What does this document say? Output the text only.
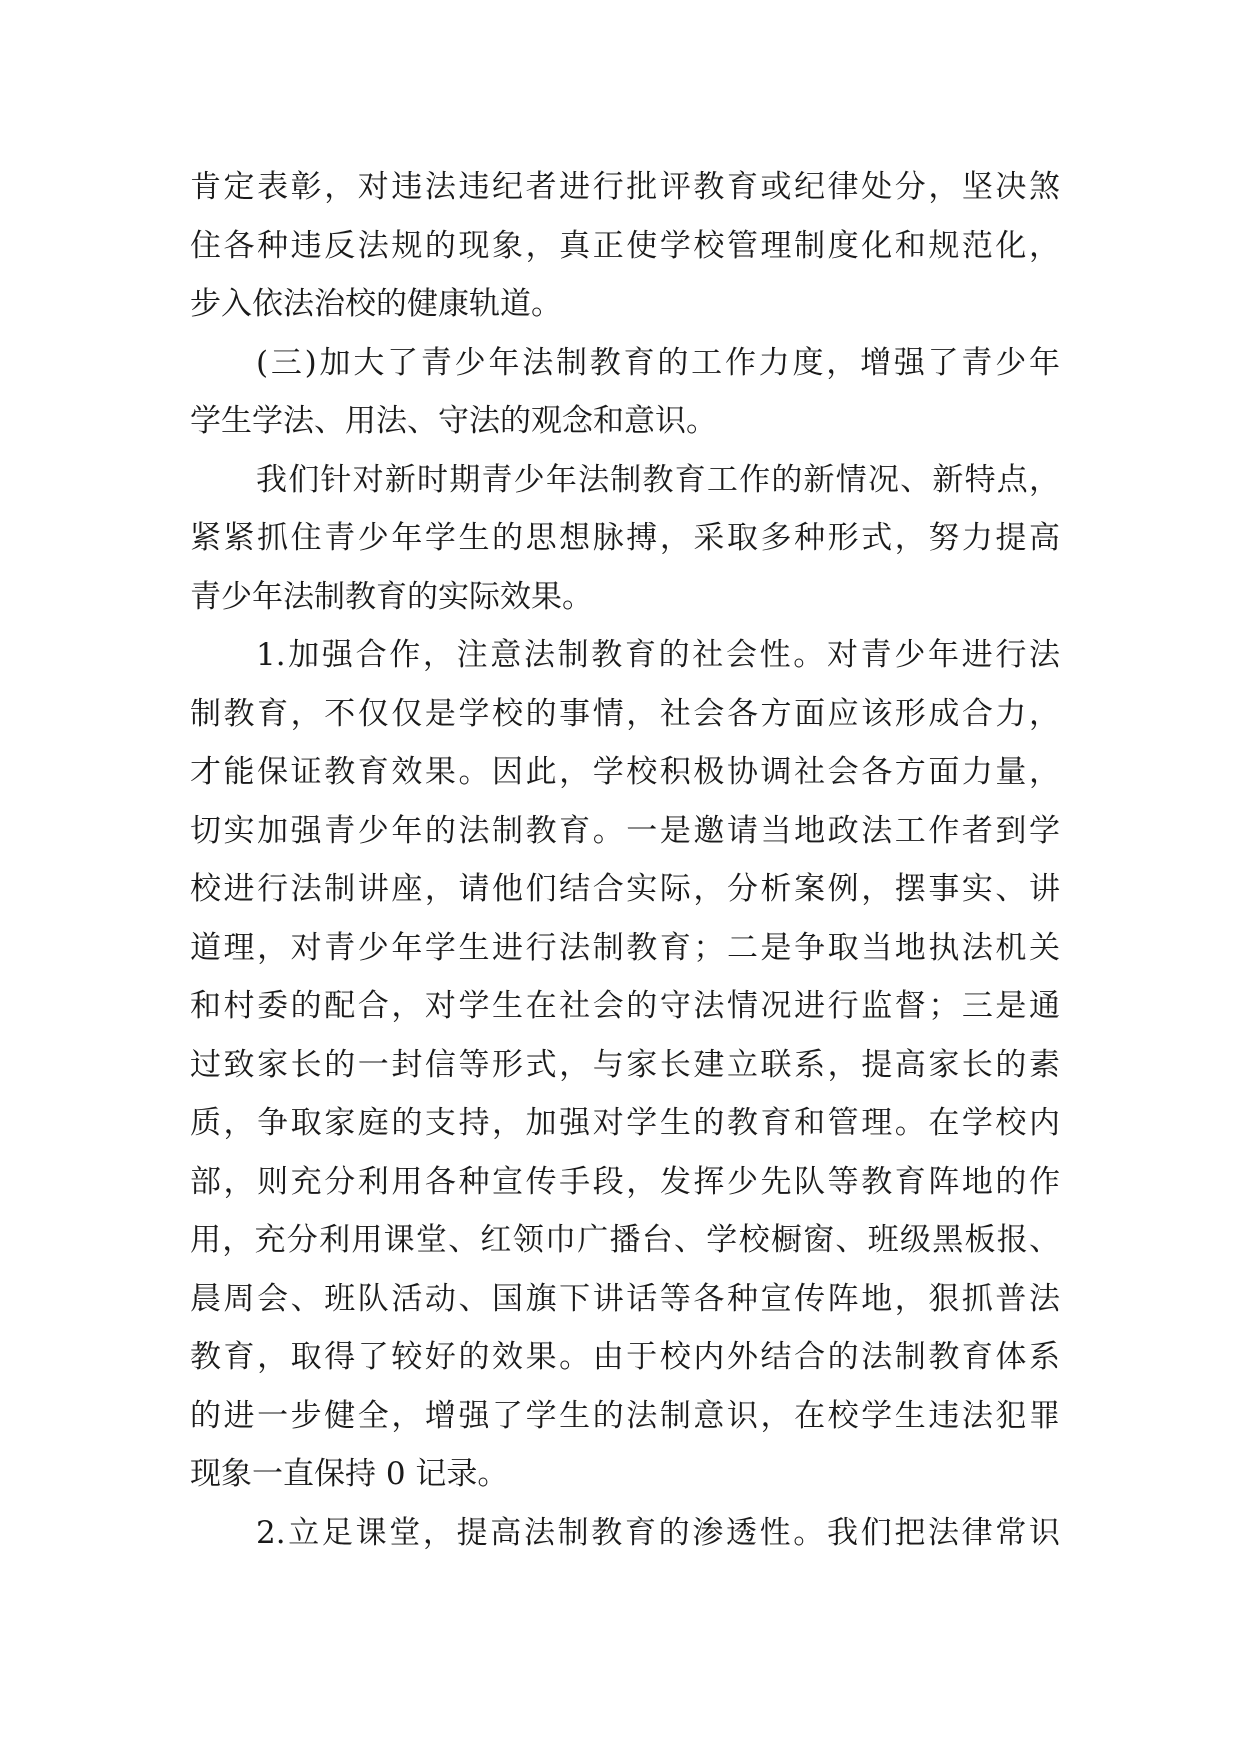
肯定表彰，对违法违纪者进行批评教育或纪律处分，坚决煞
住各种违反法规的现象，真正使学校管理制度化和规范化，
步入依法治校的健康轨道。
(三)加大了青少年法制教育的工作力度，增强了青少年
学生学法、用法、守法的观念和意识。
我们针对新时期青少年法制教育工作的新情况、新特点，
紧紧抓住青少年学生的思想脉搏，采取多种形式，努力提高
青少年法制教育的实际效果。
1.加强合作，注意法制教育的社会性。对青少年进行法
制教育，不仅仅是学校的事情，社会各方面应该形成合力，
才能保证教育效果。因此，学校积极协调社会各方面力量，
切实加强青少年的法制教育。一是邀请当地政法工作者到学
校进行法制讲座，请他们结合实际，分析案例，摆事实、讲
道理，对青少年学生进行法制教育；二是争取当地执法机关
和村委的配合，对学生在社会的守法情况进行监督；三是通
过致家长的一封信等形式，与家长建立联系，提高家长的素
质，争取家庭的支持，加强对学生的教育和管理。在学校内
部，则充分利用各种宣传手段，发挥少先队等教育阵地的作
用，充分利用课堂、红领巾广播台、学校橱窗、班级黑板报、
晨周会、班队活动、国旗下讲话等各种宣传阵地，狠抓普法
教育，取得了较好的效果。由于校内外结合的法制教育体系
的进一步健全，增强了学生的法制意识，在校学生违法犯罪
现象一直保持 0 记录。
2.立足课堂，提高法制教育的渗透性。我们把法律常识
